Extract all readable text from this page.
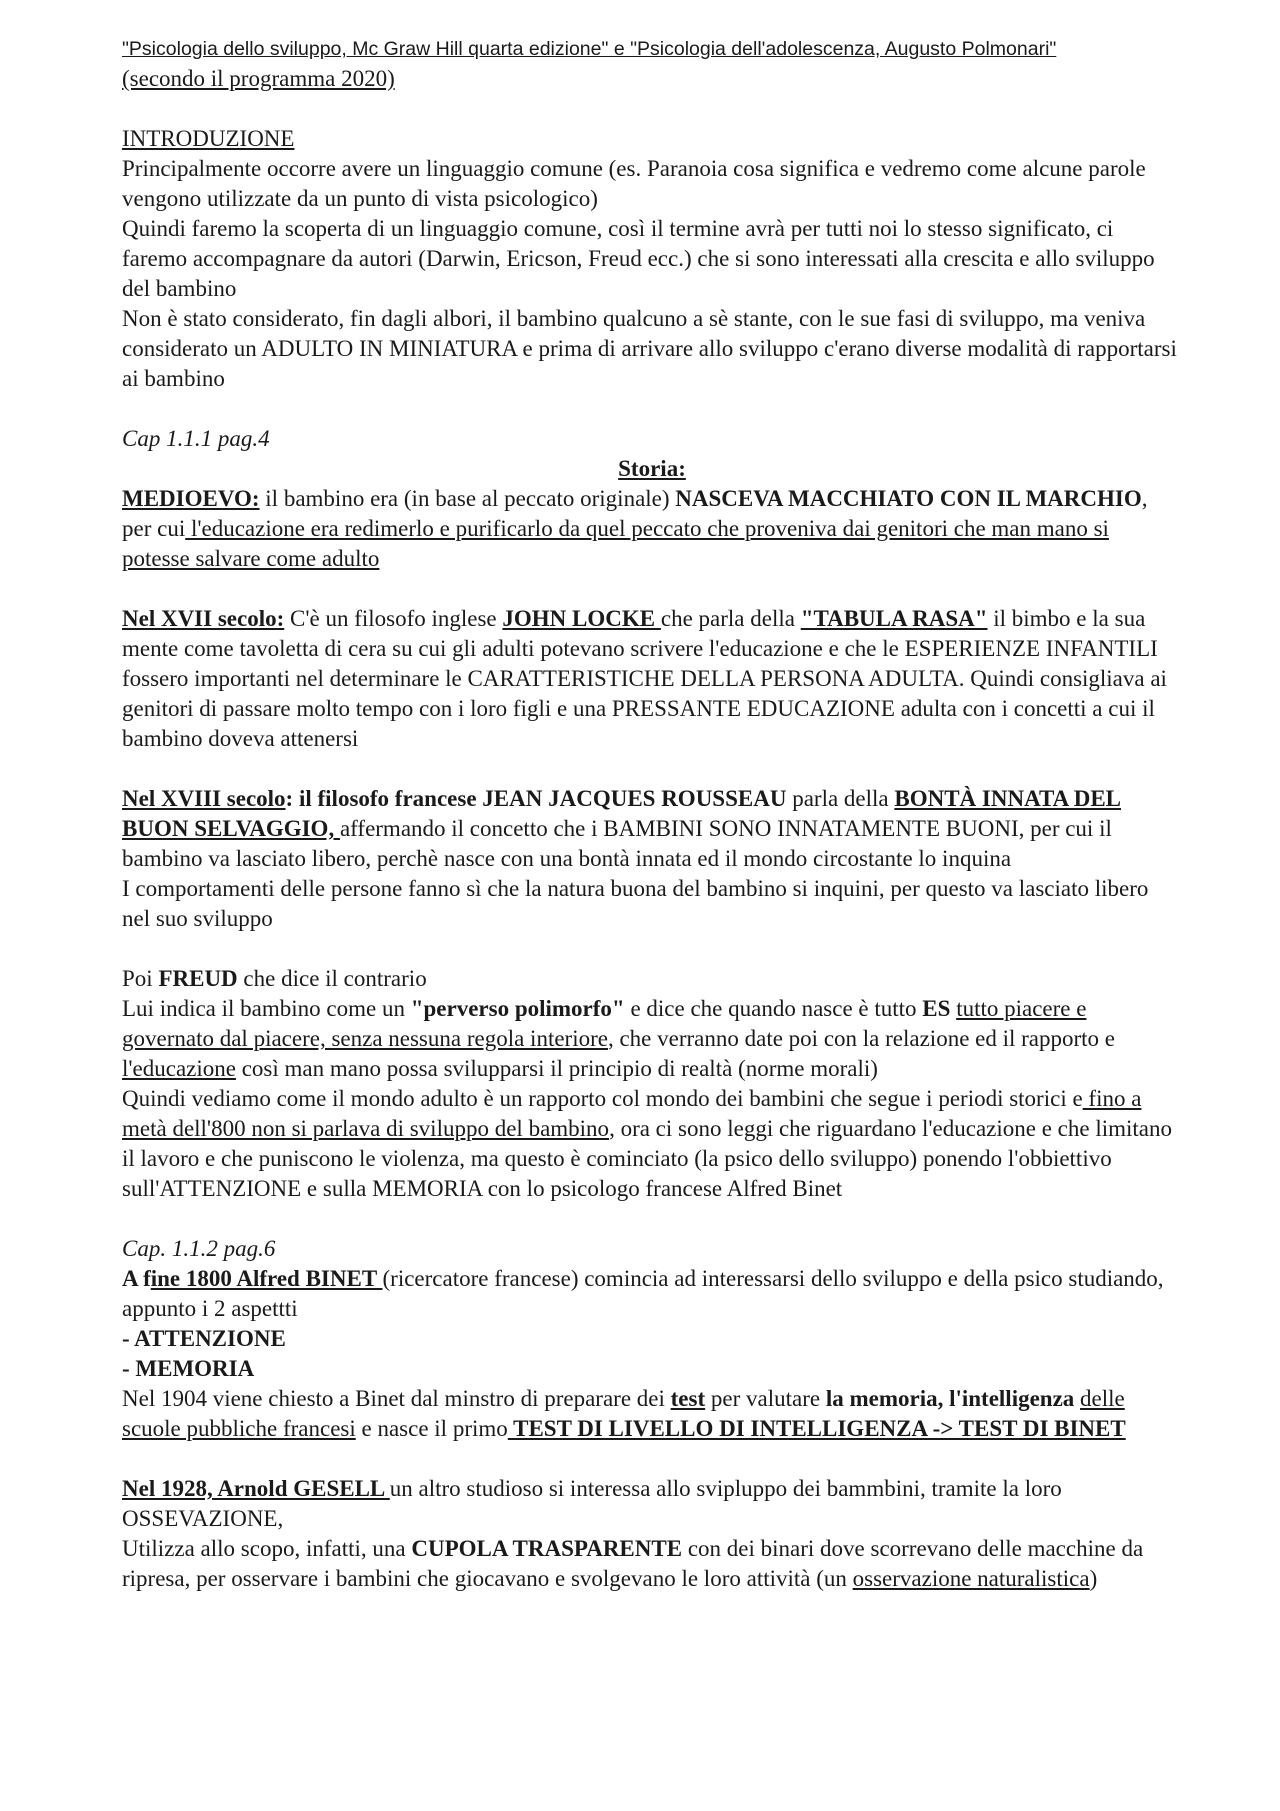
"Psicologia dello sviluppo, Mc Graw Hill quarta edizione" e "Psicologia dell'adolescenza, Augusto Polmonari"

(secondo il programma 2020)

INTRODUZIONE

Principalmente occorre avere un linguaggio comune (es. Paranoia cosa significa e vedremo come alcune parole vengono utilizzate da un punto di vista psicologico)

Quindi faremo la scoperta di un linguaggio comune, così il termine avrà per tutti noi lo stesso significato, ci faremo accompagnare da autori (Darwin, Ericson, Freud ecc.) che si sono interessati alla crescita e allo sviluppo del bambino

Non è stato considerato, fin dagli albori, il bambino qualcuno a sè stante, con le sue fasi di sviluppo, ma veniva considerato un ADULTO IN MINIATURA e prima di arrivare allo sviluppo c'erano diverse modalità di rapportarsi ai bambino

Cap 1.1.1 pag.4

Storia:

MEDIOEVO: il bambino era (in base al peccato originale) NASCEVA MACCHIATO CON IL MARCHIO, per cui l'educazione era redimerlo e purificarlo da quel peccato che proveniva dai genitori che man mano si potesse salvare come adulto

Nel XVII secolo: C'è un filosofo inglese JOHN LOCKE che parla della "TABULA RASA" il bimbo e la sua mente come tavoletta di cera su cui gli adulti potevano scrivere l'educazione e che le ESPERIENZE INFANTILI fossero importanti nel determinare le CARATTERISTICHE DELLA PERSONA ADULTA. Quindi consigliava ai genitori di passare molto tempo con i loro figli e una PRESSANTE EDUCAZIONE adulta con i concetti a cui il bambino doveva attenersi

Nel XVIII secolo: il filosofo francese JEAN JACQUES ROUSSEAU parla della BONTÀ INNATA DEL BUON SELVAGGIO, affermando il concetto che i BAMBINI SONO INNATAMENTE BUONI, per cui il bambino va lasciato libero, perchè nasce con una bontà innata ed il mondo circostante lo inquina

I comportamenti delle persone fanno sì che la natura buona del bambino si inquini, per questo va lasciato libero nel suo sviluppo

Poi FREUD che dice il contrario

Lui indica il bambino come un "perverso polimorfo" e dice che quando nasce è tutto ES tutto piacere e governato dal piacere, senza nessuna regola interiore, che verranno date poi con la relazione ed il rapporto e l'educazione così man mano possa svilupparsi il principio di realtà (norme morali)

Quindi vediamo come il mondo adulto è un rapporto col mondo dei bambini che segue i periodi storici e fino a metà dell'800 non si parlava di sviluppo del bambino, ora ci sono leggi che riguardano l'educazione e che limitano il lavoro e che puniscono le violenza, ma questo è cominciato (la psico dello sviluppo) ponendo l'obbiettivo sull'ATTENZIONE e sulla MEMORIA con lo psicologo francese Alfred Binet

Cap. 1.1.2 pag.6

A fine 1800 Alfred BINET (ricercatore francese) comincia ad interessarsi dello sviluppo e della psico studiando, appunto i 2 aspettti

- ATTENZIONE

- MEMORIA

Nel 1904 viene chiesto a Binet dal minstro di preparare dei test per valutare la memoria, l'intelligenza delle scuole pubbliche francesi e nasce il primo TEST DI LIVELLO DI INTELLIGENZA -> TEST DI BINET

Nel 1928, Arnold GESELL un altro studioso si interessa allo svipluppo dei bammbini, tramite la loro OSSEVAZIONE,

Utilizza allo scopo, infatti, una CUPOLA TRASPARENTE con dei binari dove scorrevano delle macchine da ripresa, per osservare i bambini che giocavano e svolgevano le loro attività (un osservazione naturalistica)
